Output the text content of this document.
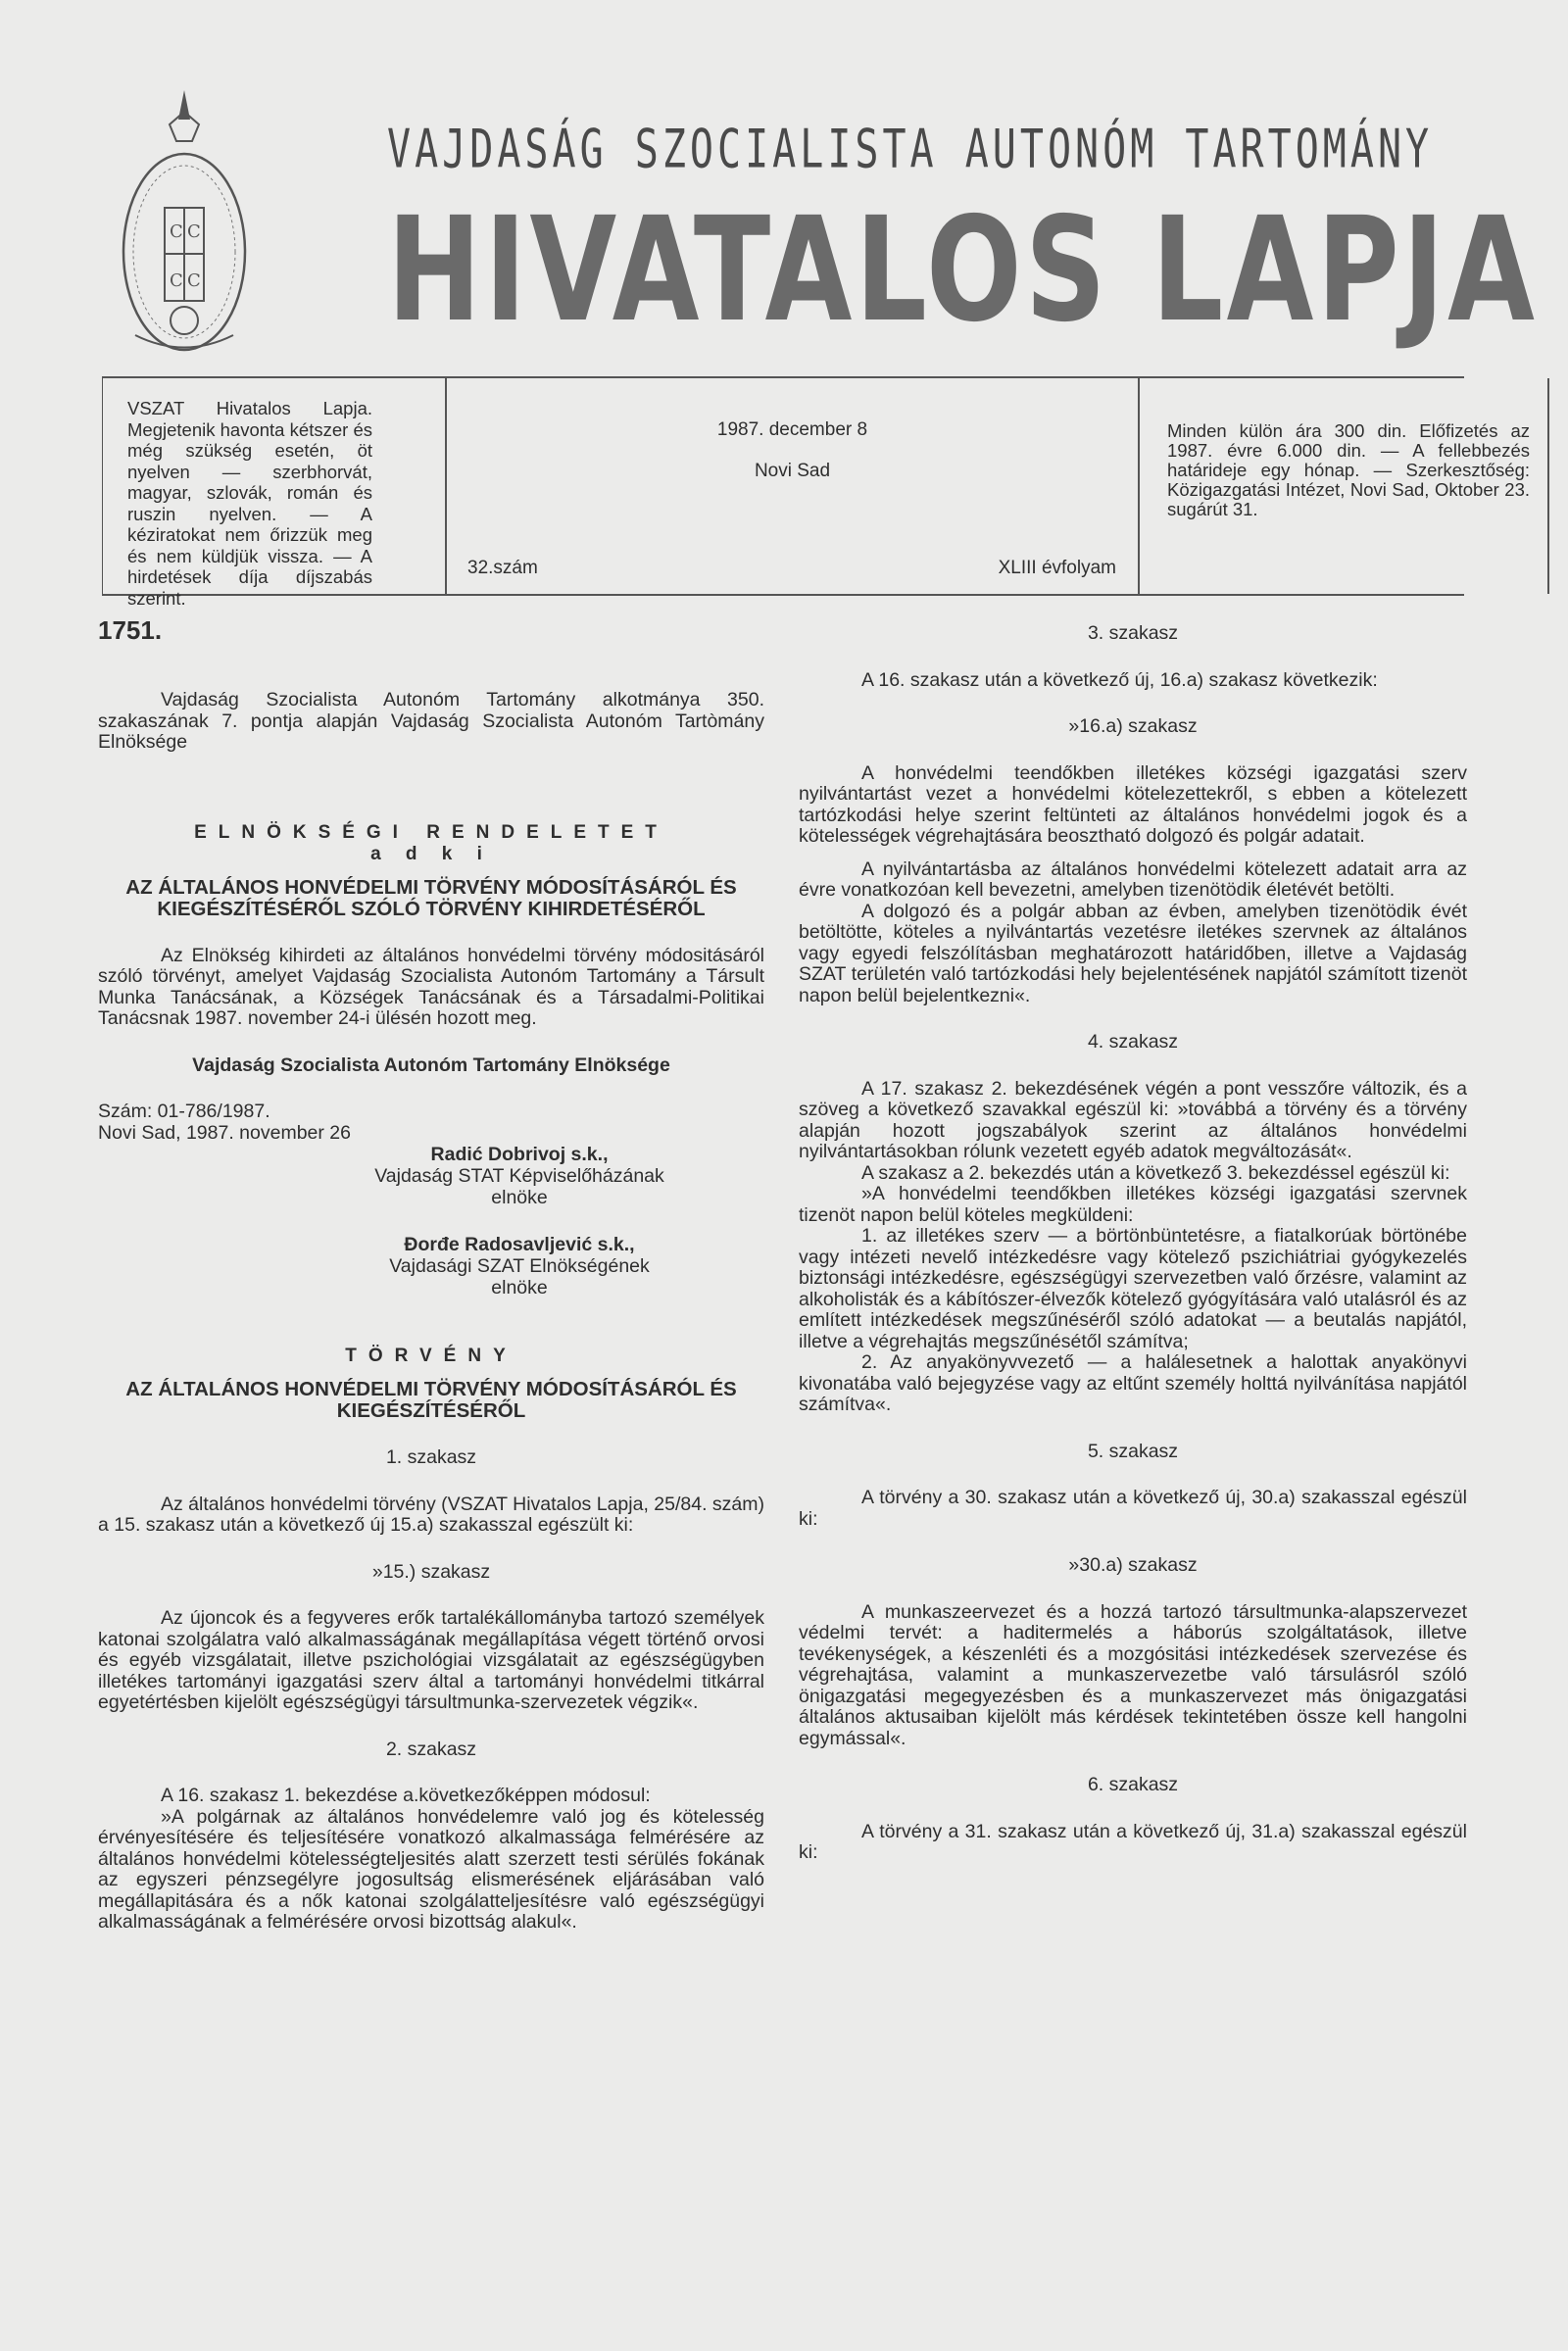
C C
C C
VAJDASÁG SZOCIALISTA AUTONÓM TARTOMÁNY
HIVATALOS LAPJA
VSZAT Hivatalos Lapja. Megjetenik havonta kétszer és még szükség esetén, öt nyelven — szerbhorvát, magyar, szlovák, román és ruszin nyelven. — A kéziratokat nem őrizzük meg és nem küldjük vissza. — A hirdetések díja díjszabás szerint.
1987. december 8
Novi Sad
32.szám	XLIII évfolyam
Minden külön ára 300 din. Előfizetés az 1987. évre 6.000 din. — A fellebbezés határideje egy hónap. — Szerkesztőség: Közigazgatási Intézet, Novi Sad, Oktober 23. sugárút 31.
1751.

Vajdaság Szocialista Autonóm Tartomány alkotmánya 350. szakaszának 7. pontja alapján Vajdaság Szocialista Autonóm Tartòmány Elnöksége

ELNÖKSÉGI RENDELETET
a d k i
AZ ÁLTALÁNOS HONVÉDELMI TÖRVÉNY MÓDOSÍTÁSÁRÓL ÉS KIEGÉSZÍTÉSÉRŐL SZÓLÓ TÖRVÉNY KIHIRDETÉSÉRŐL

Az Elnökség kihirdeti az általános honvédelmi törvény módositásáról szóló törvényt, amelyet Vajdaság Szocialista Autonóm Tartomány a Társult Munka Tanácsának, a Községek Tanácsának és a Társadalmi-Politikai Tanácsnak 1987. november 24-i ülésén hozott meg.

Vajdaság Szocialista Autonóm Tartomány Elnöksége

Szám: 01-786/1987.

Novi Sad, 1987. november 26

Radić Dobrivoj s.k.,
Vajdaság STAT Képviselőházának
elnöke
Đorđe Radosavljević s.k.,
Vajdasági SZAT Elnökségének
elnöke
TÖRVÉNY
AZ ÁLTALÁNOS HONVÉDELMI TÖRVÉNY MÓDOSÍTÁSÁRÓL ÉS KIEGÉSZÍTÉSÉRŐL
1. szakasz

Az általános honvédelmi törvény (VSZAT Hivatalos Lapja, 25/84. szám) a 15. szakasz után a következő új 15.a) szakasszal egészült ki:

»15.) szakasz

Az újoncok és a fegyveres erők tartalékállományba tartozó személyek katonai szolgálatra való alkalmasságának megállapítása végett történő orvosi és egyéb vizsgálatait, illetve pszichológiai vizsgálatait az egészségügyben illetékes tartományi igazgatási szerv által a tartományi honvédelmi titkárral egyetértésben kijelölt egészségügyi társultmunka-szervezetek végzik«.

2. szakasz

A 16. szakasz 1. bekezdése a.következőképpen módosul:

»A polgárnak az általános honvédelemre való jog és kötelesség érvényesítésére és teljesítésére vonatkozó alkalmassága felmérésére az általános honvédelmi kötelességteljesités alatt szerzett testi sérülés fokának az egyszeri pénzsegélyre jogosultság elismerésének eljárásában való megállapitására és a nők katonai szolgálatteljesítésre való egészségügyi alkalmasságának a felmérésére orvosi bizottság alakul«.

3. szakasz

A 16. szakasz után a következő új, 16.a) szakasz következik:

»16.a) szakasz

A honvédelmi teendőkben illetékes községi igazgatási szerv nyilvántartást vezet a honvédelmi kötelezettekről, s ebben a kötelezett tartózkodási helye szerint feltünteti az általános honvédelmi jogok és a kötelességek végrehajtására beosztható dolgozó és polgár adatait.

A nyilvántartásba az általános honvédelmi kötelezett adatait arra az évre vonatkozóan kell bevezetni, amelyben tizenötödik életévét betölti.

A dolgozó és a polgár abban az évben, amelyben tizenötödik évét betöltötte, köteles a nyilvántartás vezetésre iletékes szervnek az általános vagy egyedi felszólításban meghatározott határidőben, illetve a Vajdaság SZAT területén való tartózkodási hely bejelentésének napjától számított tizenöt napon belül bejelentkezni«.

4. szakasz

A 17. szakasz 2. bekezdésének végén a pont vesszőre változik, és a szöveg a következő szavakkal egészül ki: »továbbá a törvény és a törvény alapján hozott jogszabályok szerint az általános honvédelmi nyilvántartásokban rólunk vezetett egyéb adatok megváltozását«.

A szakasz a 2. bekezdés után a következő 3. bekezdéssel egészül ki:

»A honvédelmi teendőkben illetékes községi igazgatási szervnek tizenöt napon belül köteles megküldeni:

1. az illetékes szerv — a börtönbüntetésre, a fiatalkorúak börtönébe vagy intézeti nevelő intézkedésre vagy kötelező pszichiátriai gyógykezelés biztonsági intézkedésre, egészségügyi szervezetben való őrzésre, valamint az alkoholisták és a kábítószer-élvezők kötelező gyógyítására való utalásról és az említett intézkedések megszűnéséről szóló adatokat — a beutalás napjától, illetve a végrehajtás megszűnésétől számítva;

2. Az anyakönyvvezető — a halálesetnek a halottak anyakönyvi kivonatába való bejegyzése vagy az eltűnt személy holttá nyilvánítása napjától számítva«.

5. szakasz

A törvény a 30. szakasz után a következő új, 30.a) szakasszal egészül ki:

»30.a) szakasz

A munkaszeervezet és a hozzá tartozó társultmunka-alapszervezet védelmi tervét: a haditermelés a háborús szolgáltatások, illetve tevékenységek, a készenléti és a mozgósitási intézkedések szervezése és végrehajtása, valamint a munkaszervezetbe való társulásról szóló önigazgatási megegyezésben és a munkaszervezet más önigazgatási általános aktusaiban kijelölt más kérdések tekintetében össze kell hangolni egymással«.

6. szakasz

A törvény a 31. szakasz után a következő új, 31.a) szakasszal egészül ki:
